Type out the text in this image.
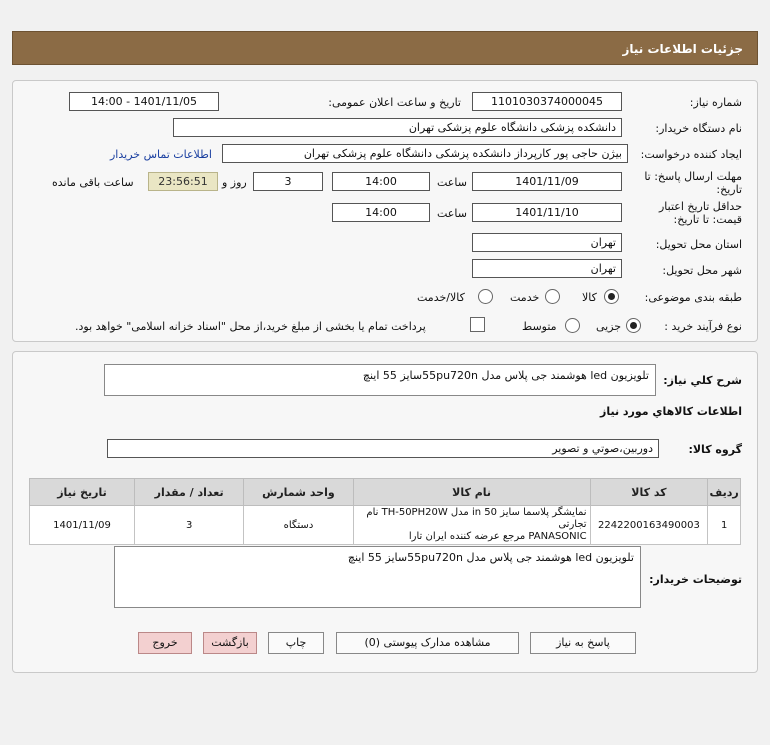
جزئیات اطلاعات نیاز
شماره نیاز:
1101030374000045
تاریخ و ساعت اعلان عمومی:
1401/11/05 - 14:00
نام دستگاه خریدار:
دانشکده پزشکی دانشگاه علوم پزشکی تهران
ایجاد کننده درخواست:
بیژن حاجی پور کارپرداز دانشکده پزشکی دانشگاه علوم پزشکی تهران
اطلاعات تماس خریدار
مهلت ارسال پاسخ: تا
تاریخ:
1401/11/09
ساعت
14:00
3
روز و
23:56:51
ساعت باقی مانده
حداقل تاریخ اعتبار
قیمت: تا تاریخ:
1401/11/10
ساعت
14:00
استان محل تحویل:
تهران
شهر محل تحویل:
تهران
طبقه بندی موضوعی:
کالا
خدمت
کالا/خدمت
نوع فرآیند خرید :
جزیی
متوسط
پرداخت تمام یا بخشی از مبلغ خرید،از محل "اسناد خزانه اسلامی" خواهد بود.
شرح کلي نياز:
تلویزیون led هوشمند جی پلاس مدل 55pu720nسایز 55 اینچ
اطلاعات کالاهاي مورد نياز
گروه کالا:
دوربين،صوتي و تصوير
ردیف	کد کالا	نام کالا	واحد شمارش	تعداد / مقدار	تاریخ نیاز
1	2242200163490003	نمایشگر پلاسما سایز 50 in مدل TH-50PH20W نام تجارتی
PANASONIC مرجع عرضه کننده ایران تارا	دستگاه	3	1401/11/09
توضیحات خریدار:
تلویزیون led هوشمند جی پلاس مدل 55pu720nسایز 55 اینچ
پاسخ به نیاز
مشاهده مدارک پیوستی (0)
چاپ
بازگشت
خروج
